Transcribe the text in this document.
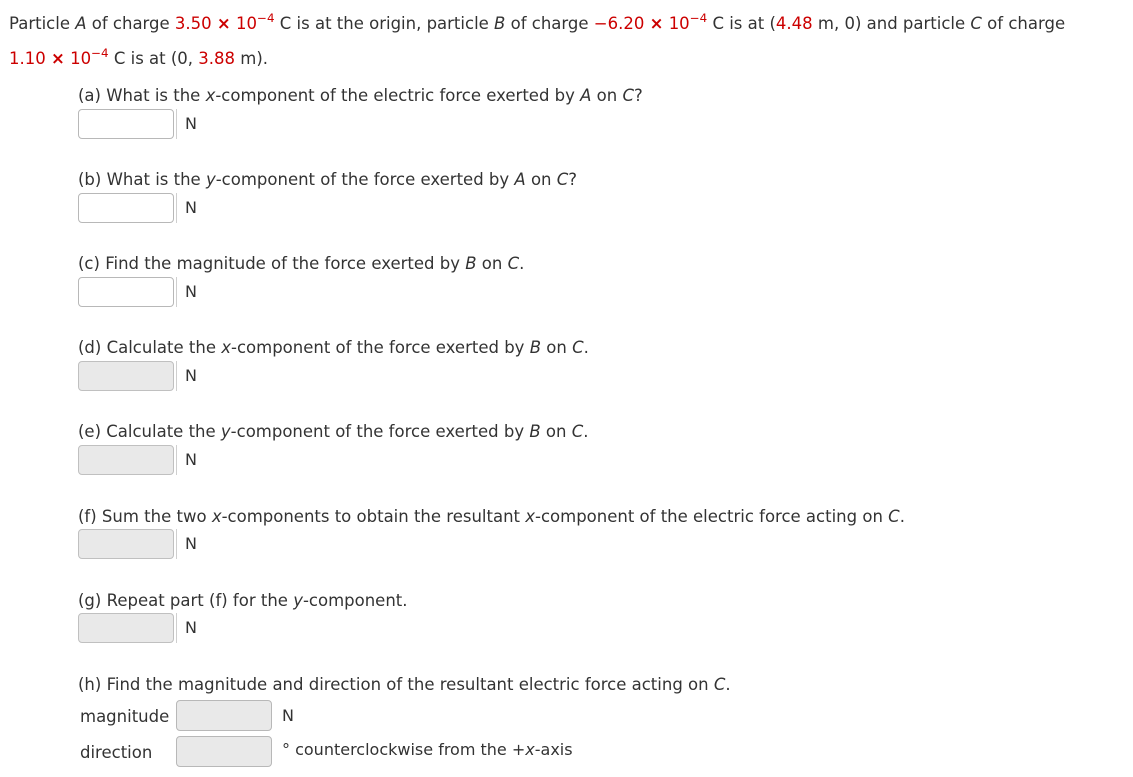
Particle A of charge $3.50 \times 10^{-4}$ C is at the origin, particle B of charge $-6.20 \times 10^{-4}$ C is at (4.48 m, 0) and particle C of charge
$1.10 \times 10^{-4}$ C is at (0, 3.88 m).
(a) What is the x-component of the electric force exerted by A on C?
N
(b) What is the y-component of the force exerted by A on C?
N
(c) Find the magnitude of the force exerted by B on C.
N
(d) Calculate the x-component of the force exerted by B on C.
N
(e) Calculate the y-component of the force exerted by B on C.
N
(f) Sum the two x-components to obtain the resultant x-component of the electric force acting on C.
N
(g) Repeat part (f) for the y-component.
N
(h) Find the magnitude and direction of the resultant electric force acting on C.
magnitude	N
direction	° counterclockwise from the +x-axis
